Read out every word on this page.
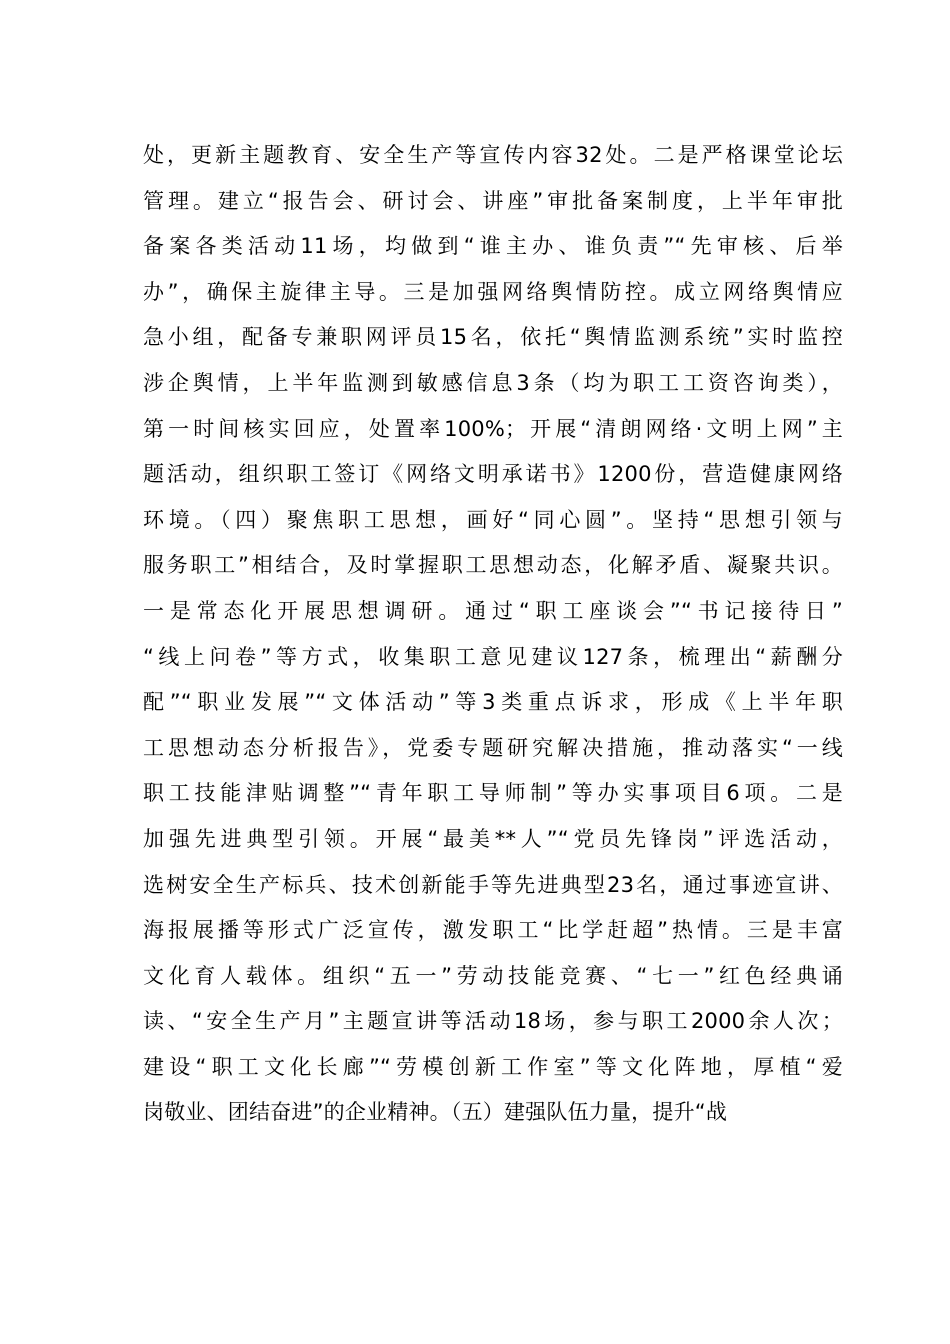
处，更新主题教育、安全生产等宣传内容32处。二是严格课堂论坛
管理。建立“报告会、研讨会、讲座”审批备案制度，上半年审批
备案各类活动11场，均做到“谁主办、谁负责”“先审核、后举
办”，确保主旋律主导。三是加强网络舆情防控。成立网络舆情应
急小组，配备专兼职网评员15名，依托“舆情监测系统”实时监控
涉企舆情，上半年监测到敏感信息3条（均为职工工资咨询类），
第一时间核实回应，处置率100%；开展“清朗网络·文明上网”主
题活动，组织职工签订《网络文明承诺书》1200份，营造健康网络
环境。（四）聚焦职工思想，画好“同心圆”。坚持“思想引领与
服务职工”相结合，及时掌握职工思想动态，化解矛盾、凝聚共识。
一是常态化开展思想调研。通过“职工座谈会”“书记接待日”
“线上问卷”等方式，收集职工意见建议127条，梳理出“薪酬分
配”“职业发展”“文体活动”等3类重点诉求，形成《上半年职
工思想动态分析报告》，党委专题研究解决措施，推动落实“一线
职工技能津贴调整”“青年职工导师制”等办实事项目6项。二是
加强先进典型引领。开展“最美**人”“党员先锋岗”评选活动，
选树安全生产标兵、技术创新能手等先进典型23名，通过事迹宣讲、
海报展播等形式广泛宣传，激发职工“比学赶超”热情。三是丰富
文化育人载体。组织“五一”劳动技能竞赛、“七一”红色经典诵
读、“安全生产月”主题宣讲等活动18场，参与职工2000余人次；
建设“职工文化长廊”“劳模创新工作室”等文化阵地，厚植“爱
岗敬业、团结奋进”的企业精神。（五）建强队伍力量，提升“战
